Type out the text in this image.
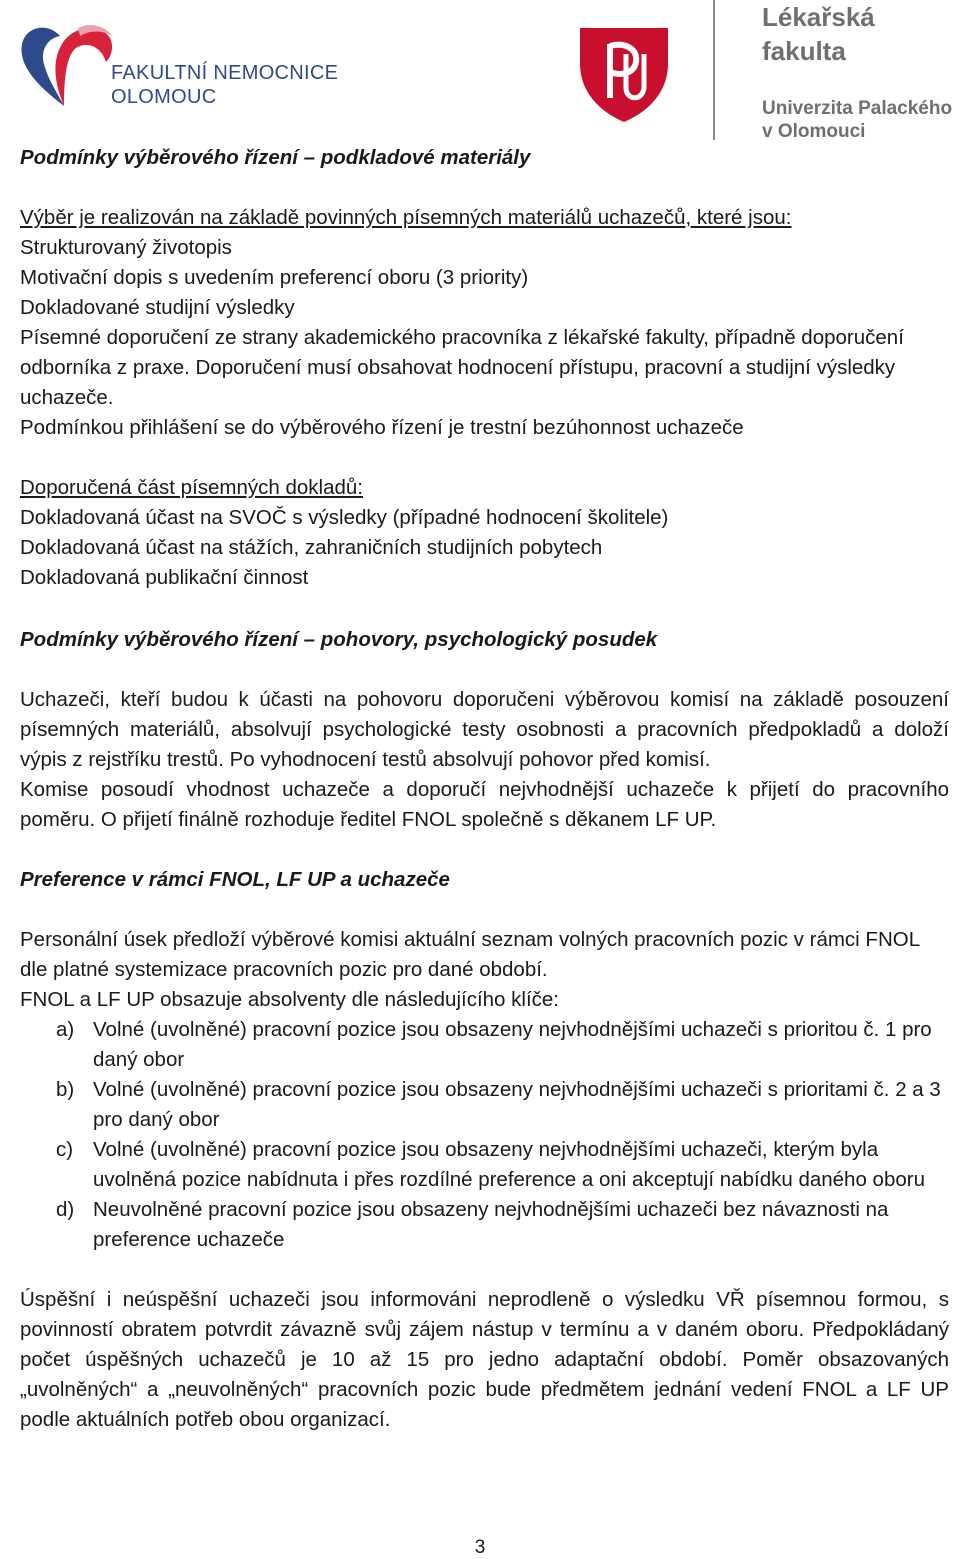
FAKULTNÍ NEMOCNICE
OLOMOUC
Lékařská
fakulta
Univerzita Palackého
v Olomouci

Podmínky výběrového řízení – podkladové materiály

Výběr je realizován na základě povinných písemných materiálů uchazečů, které jsou:

Strukturovaný životopis

Motivační dopis s uvedením preferencí oboru (3 priority)

Dokladované studijní výsledky

Písemné doporučení ze strany akademického pracovníka z lékařské fakulty, případně doporučení odborníka z praxe. Doporučení musí obsahovat hodnocení přístupu, pracovní a studijní výsledky uchazeče.

Podmínkou přihlášení se do výběrového řízení je trestní bezúhonnost uchazeče

Doporučená část písemných dokladů:

Dokladovaná účast na SVOČ s výsledky (případné hodnocení školitele)

Dokladovaná účast na stážích, zahraničních studijních pobytech

Dokladovaná publikační činnost

Podmínky výběrového řízení – pohovory, psychologický posudek

Uchazeči, kteří budou k účasti na pohovoru doporučeni výběrovou komisí na základě posouzení písemných materiálů, absolvují psychologické testy osobnosti a pracovních předpokladů a doloží výpis z rejstříku trestů. Po vyhodnocení testů absolvují pohovor před komisí.

Komise posoudí vhodnost uchazeče a doporučí nejvhodnější uchazeče k přijetí do pracovního poměru. O přijetí finálně rozhoduje ředitel FNOL společně s děkanem LF UP.

Preference v rámci FNOL, LF UP a uchazeče

Personální úsek předloží výběrové komisi aktuální seznam volných pracovních pozic v rámci FNOL dle platné systemizace pracovních pozic pro dané období.

FNOL a LF UP obsazuje absolventy dle následujícího klíče:

a) Volné (uvolněné) pracovní pozice jsou obsazeny nejvhodnějšími uchazeči s prioritou č. 1 pro daný obor
b) Volné (uvolněné) pracovní pozice jsou obsazeny nejvhodnějšími uchazeči s prioritami č. 2 a 3 pro daný obor
c) Volné (uvolněné) pracovní pozice jsou obsazeny nejvhodnějšími uchazeči, kterým byla uvolněná pozice nabídnuta i přes rozdílné preference a oni akceptují nabídku daného oboru
d) Neuvolněné pracovní pozice jsou obsazeny nejvhodnějšími uchazeči bez návaznosti na preference uchazeče

Úspěšní i neúspěšní uchazeči jsou informováni neprodleně o výsledku VŘ písemnou formou, s povinností obratem potvrdit závazně svůj zájem nástup v termínu a v daném oboru. Předpokládaný počet úspěšných uchazečů je 10 až 15 pro jedno adaptační období. Poměr obsazovaných „uvolněných“ a „neuvolněných“ pracovních pozic bude předmětem jednání vedení FNOL a LF UP podle aktuálních potřeb obou organizací.

3
